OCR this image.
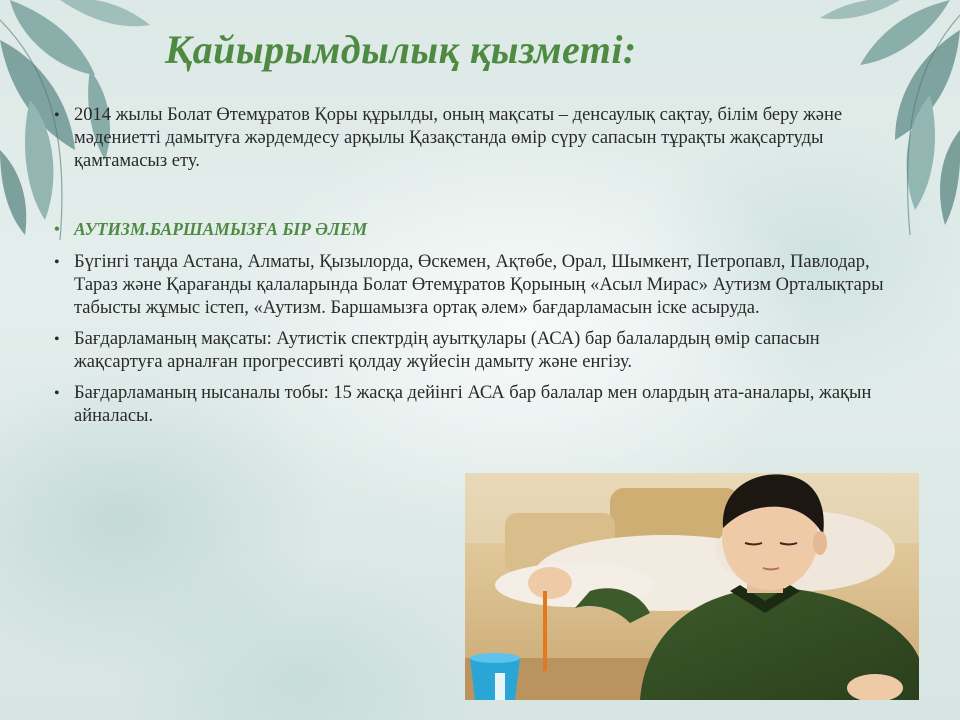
Қайырымдылық қызметі:
• 2014 жылы Болат Өтемұратов Қоры құрылды, оның мақсаты – денсаулық сақтау, білім беру және мәдениетті дамытуға жәрдемдесу арқылы Қазақстанда өмір сүру сапасын тұрақты жақсартуды қамтамасыз ету.
• АУТИЗМ.БАРШАМЫЗҒА БІР ӘЛЕМ
• Бүгінгі таңда Астана, Алматы, Қызылорда, Өскемен, Ақтөбе, Орал, Шымкент, Петропавл, Павлодар, Тараз және Қарағанды қалаларында Болат Өтемұратов Қорының «Асыл Мирас» Аутизм Орталықтары табысты жұмыс істеп, «Аутизм. Баршамызға ортақ әлем» бағдарламасын іске асыруда.
• Бағдарламаның мақсаты: Аутистік спектрдің ауытқулары (АСА) бар балалардың өмір сапасын жақсартуға арналған прогрессивті қолдау жүйесін дамыту және енгізу.
• Бағдарламаның нысаналы тобы: 15 жасқа дейінгі АСА бар балалар мен олардың ата-аналары, жақын айналасы.
